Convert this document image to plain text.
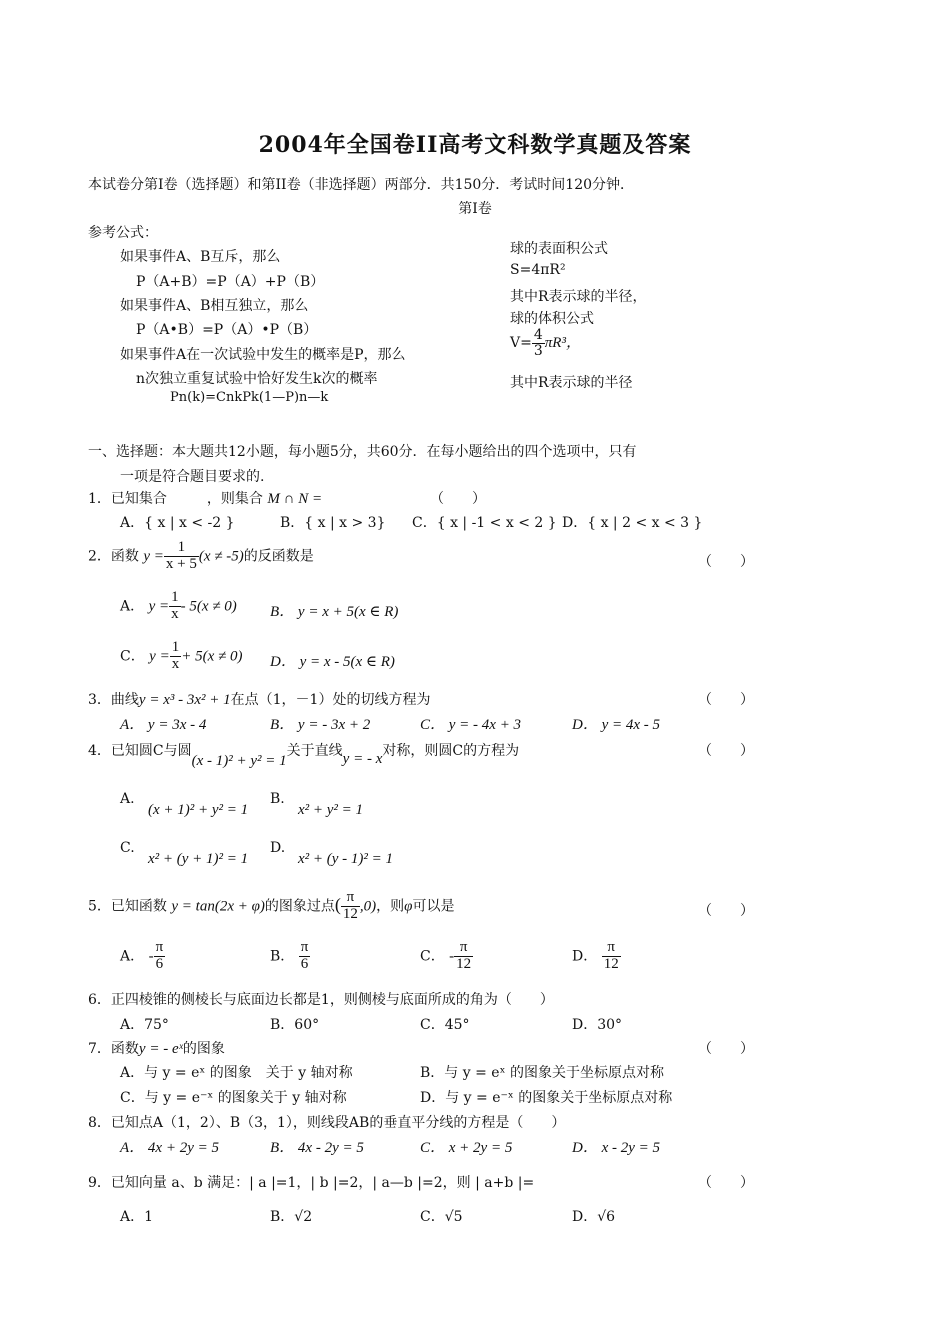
2004年全国卷II高考文科数学真题及答案
本试卷分第I卷（选择题）和第II卷（非选择题）两部分．共150分．考试时间120分钟．
第I卷
参考公式：
如果事件A、B互斥，那么
P（A+B）=P（A）+P（B）
如果事件A、B相互独立，那么
P（A•B）=P（A）•P（B）
如果事件A在一次试验中发生的概率是P，那么
n次独立重复试验中恰好发生k次的概率
Pn(k)=CnkPk(1—P)n—k
球的表面积公式
S=4πR²
其中R表示球的半径，
球的体积公式
$V= \frac{4}{3} \pi R^3$，
其中R表示球的半径
一、选择题：本大题共12小题，每小题5分，共60分．在每小题给出的四个选项中，只有
一项是符合题目要求的.
1．已知集合	，则集合 M ∩ N =	（　　）
A．{ x | x < -2 }	B．{ x | x > 3} C．{ x | -1 < x < 2 } D．{ x | 2 < x < 3 }
2．函数 $y = \frac{1}{x + 5} (x \ne -5)$的反函数是	（　　）
A． $y = \frac{1}{x} - 5(x \ne 0)$ B． y = x + 5(x ∈ R)
C． $y = \frac{1}{x} + 5(x \ne 0)$ D． y = x - 5(x ∈ R)
3．曲线y = x³ - 3x² + 1在点（1，－1）处的切线方程为	（　　）
A． y = 3x - 4	B． y = - 3x + 2	C． y = - 4x + 3	D． y = 4x - 5
4．已知圆C与圆(x - 1)² + y² = 1关于直线y = - x对称，则圆C的方程为	（　　）
A.
(x + 1)² + y² = 1
B.
x² + y² = 1
C.
x² + (y + 1)² = 1
D.
x² + (y - 1)² = 1
5．已知函数 y = tan(2x + φ)的图象过点( $\frac{\pi}{12} ,0$)，则φ可以是	（　　）
A． - $\frac{\pi}{6}$	B． $\frac{\pi}{6}$	C． - $\frac{\pi}{12}$	D． $\frac{\pi}{12}$
6．正四棱锥的侧棱长与底面边长都是1，则侧棱与底面所成的角为（　　）
A．75°	B．60°	C．45°	D．30°
7．函数y = - eˣ的图象	（　　）
A．与 y = eˣ 的图象　关于 y 轴对称	B．与 y = eˣ 的图象关于坐标原点对称
C．与 y = e⁻ˣ 的图象关于 y 轴对称	D．与 y = e⁻ˣ 的图象关于坐标原点对称
8．已知点A（1，2）、B（3，1），则线段AB的垂直平分线的方程是（　　）
A． 4x + 2y = 5	B． 4x - 2y = 5	C． x + 2y = 5	D． x - 2y = 5
9．已知向量 a、b 满足：| a |=1，| b |=2，| a—b |=2，则 | a+b |=	（　　）
A．1	B．√2	C．√5	D．√6
